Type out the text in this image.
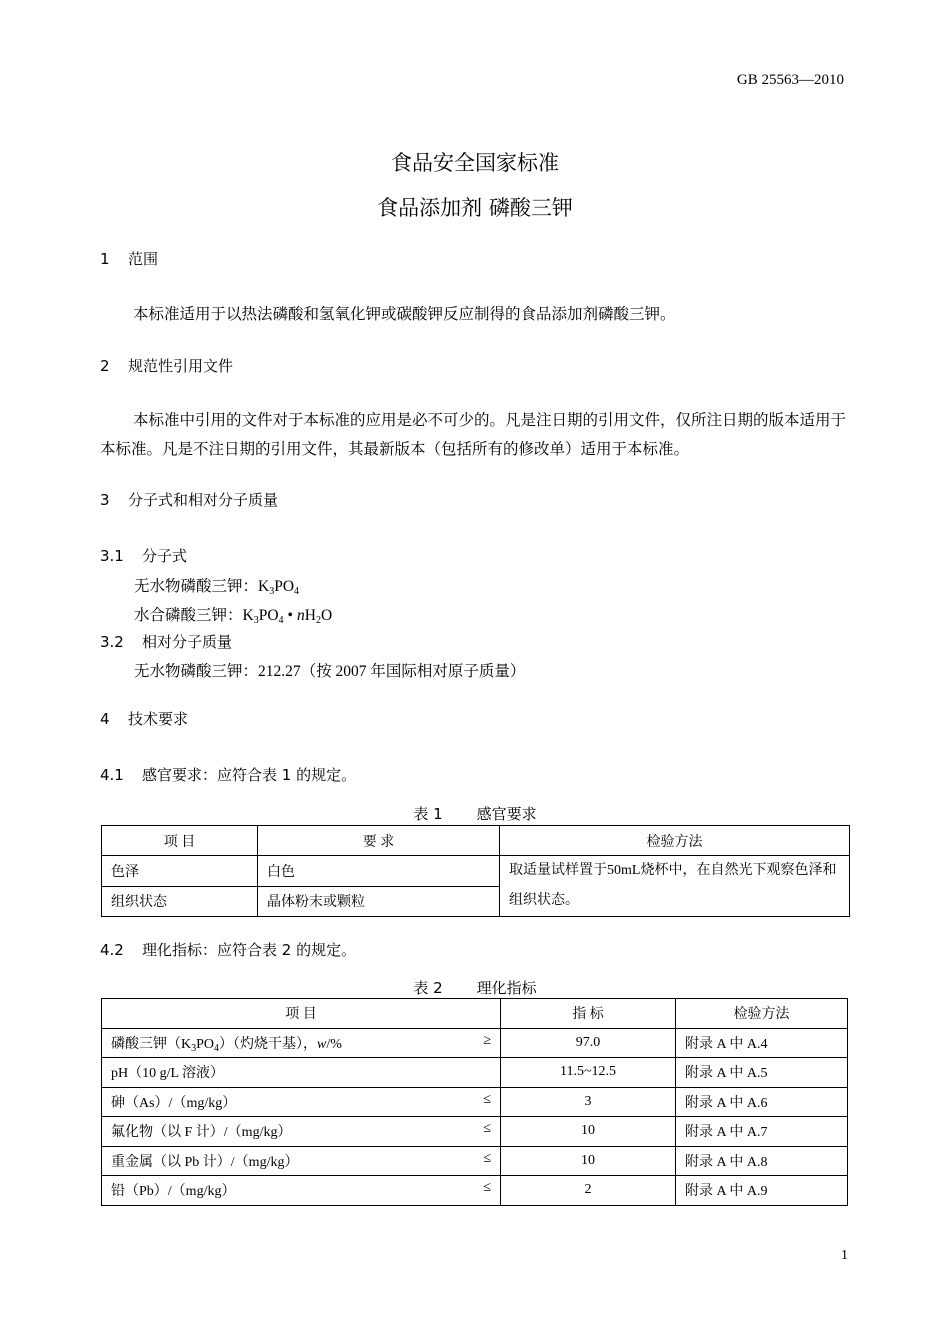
GB 25563—2010
食品安全国家标准
食品添加剂 磷酸三钾
1 范围
本标准适用于以热法磷酸和氢氧化钾或碳酸钾反应制得的食品添加剂磷酸三钾。
2 规范性引用文件
本标准中引用的文件对于本标准的应用是必不可少的。凡是注日期的引用文件，仅所注日期的版本适用于本标准。凡是不注日期的引用文件，其最新版本（包括所有的修改单）适用于本标准。
3 分子式和相对分子质量
3.1 分子式
无水物磷酸三钾：$K_3PO_4$
水合磷酸三钾：$K_3PO_4$ • $nH_2O$
3.2 相对分子质量
无水物磷酸三钾：212.27（按 2007 年国际相对原子质量）
4 技术要求
4.1 感官要求：应符合表 1 的规定。
表 1 感官要求
项 目	要 求	检验方法
色泽	白色	取适量试样置于50mL烧杯中，在自然光下观察色泽和组织状态。
组织状态	晶体粉末或颗粒	
4.2 理化指标：应符合表 2 的规定。
表 2 理化指标
项 目	指 标	检验方法
磷酸三钾$(K_3PO_4)$（灼烧干基），w/% ≥	97.0	附录 A 中 A.4
pH（10 g/L 溶液）	11.5~12.5	附录 A 中 A.5
砷（As）/（mg/kg） ≤	3	附录 A 中 A.6
氟化物（以 F 计）/（mg/kg） ≤	10	附录 A 中 A.7
重金属（以 Pb 计）/（mg/kg） ≤	10	附录 A 中 A.8
铅（Pb）/（mg/kg） ≤	2	附录 A 中 A.9
1
